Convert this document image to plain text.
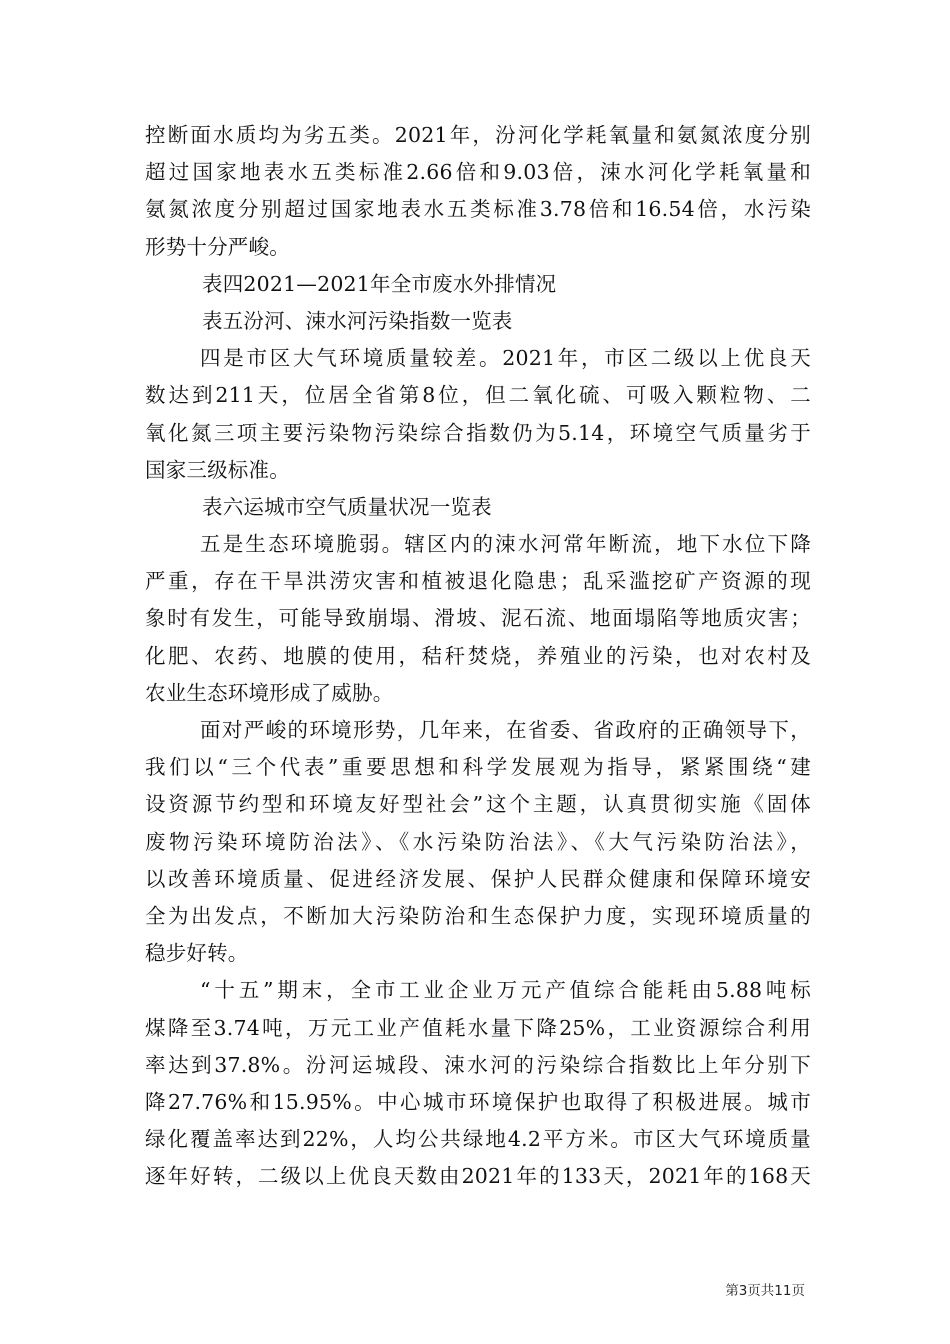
控断面水质均为劣五类。2021年，汾河化学耗氧量和氨氮浓度分别
超过国家地表水五类标准2.66倍和9.03倍，涑水河化学耗氧量和
氨氮浓度分别超过国家地表水五类标准3.78倍和16.54倍，水污染
形势十分严峻。
表四2021—2021年全市废水外排情况
表五汾河、涑水河污染指数一览表
四是市区大气环境质量较差。2021年，市区二级以上优良天
数达到211天，位居全省第8位，但二氧化硫、可吸入颗粒物、二
氧化氮三项主要污染物污染综合指数仍为5.14，环境空气质量劣于
国家三级标准。
表六运城市空气质量状况一览表
五是生态环境脆弱。辖区内的涑水河常年断流，地下水位下降
严重，存在干旱洪涝灾害和植被退化隐患；乱采滥挖矿产资源的现
象时有发生，可能导致崩塌、滑坡、泥石流、地面塌陷等地质灾害；
化肥、农药、地膜的使用，秸秆焚烧，养殖业的污染，也对农村及
农业生态环境形成了威胁。
面对严峻的环境形势，几年来，在省委、省政府的正确领导下，
我们以“三个代表”重要思想和科学发展观为指导，紧紧围绕“建
设资源节约型和环境友好型社会”这个主题，认真贯彻实施《固体
废物污染环境防治法》、《水污染防治法》、《大气污染防治法》，
以改善环境质量、促进经济发展、保护人民群众健康和保障环境安
全为出发点，不断加大污染防治和生态保护力度，实现环境质量的
稳步好转。
“十五”期末，全市工业企业万元产值综合能耗由5.88吨标
煤降至3.74吨，万元工业产值耗水量下降25%，工业资源综合利用
率达到37.8%。汾河运城段、涑水河的污染综合指数比上年分别下
降27.76%和15.95%。中心城市环境保护也取得了积极进展。城市
绿化覆盖率达到22%，人均公共绿地4.2平方米。市区大气环境质量
逐年好转，二级以上优良天数由2021年的133天，2021年的168天
第3页共11页
